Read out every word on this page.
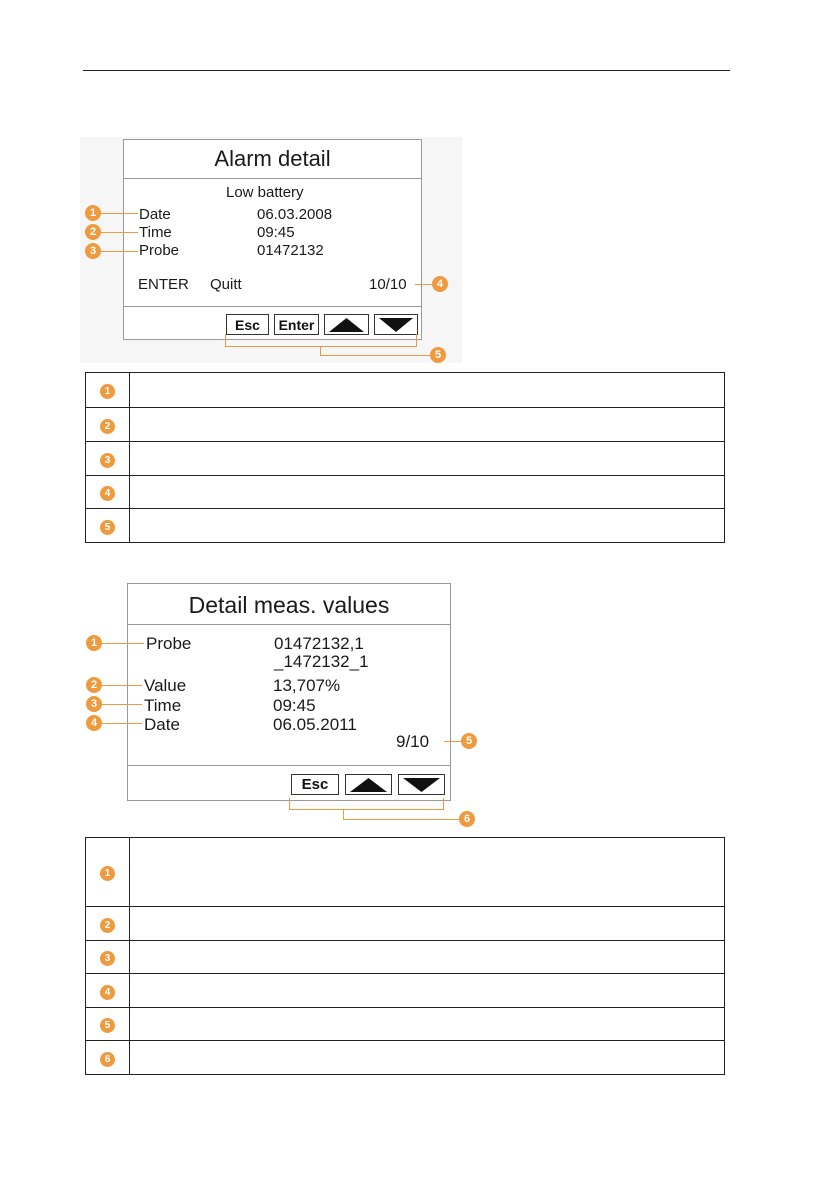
Alarm detail
Low battery
Date	06.03.2008
Time	09:45
Probe	01472132
ENTER Quitt	10/10
Esc	Enter
1
2
3
4
5
1	
2	
3	
4	
5	
Detail meas. values
Probe	01472132,1
_1472132_1
Value	13,707%
Time	09:45
Date	06.05.2011
9/10
Esc
1
2
3
4
5
6
1	
2	
3	
4	
5	
6	
